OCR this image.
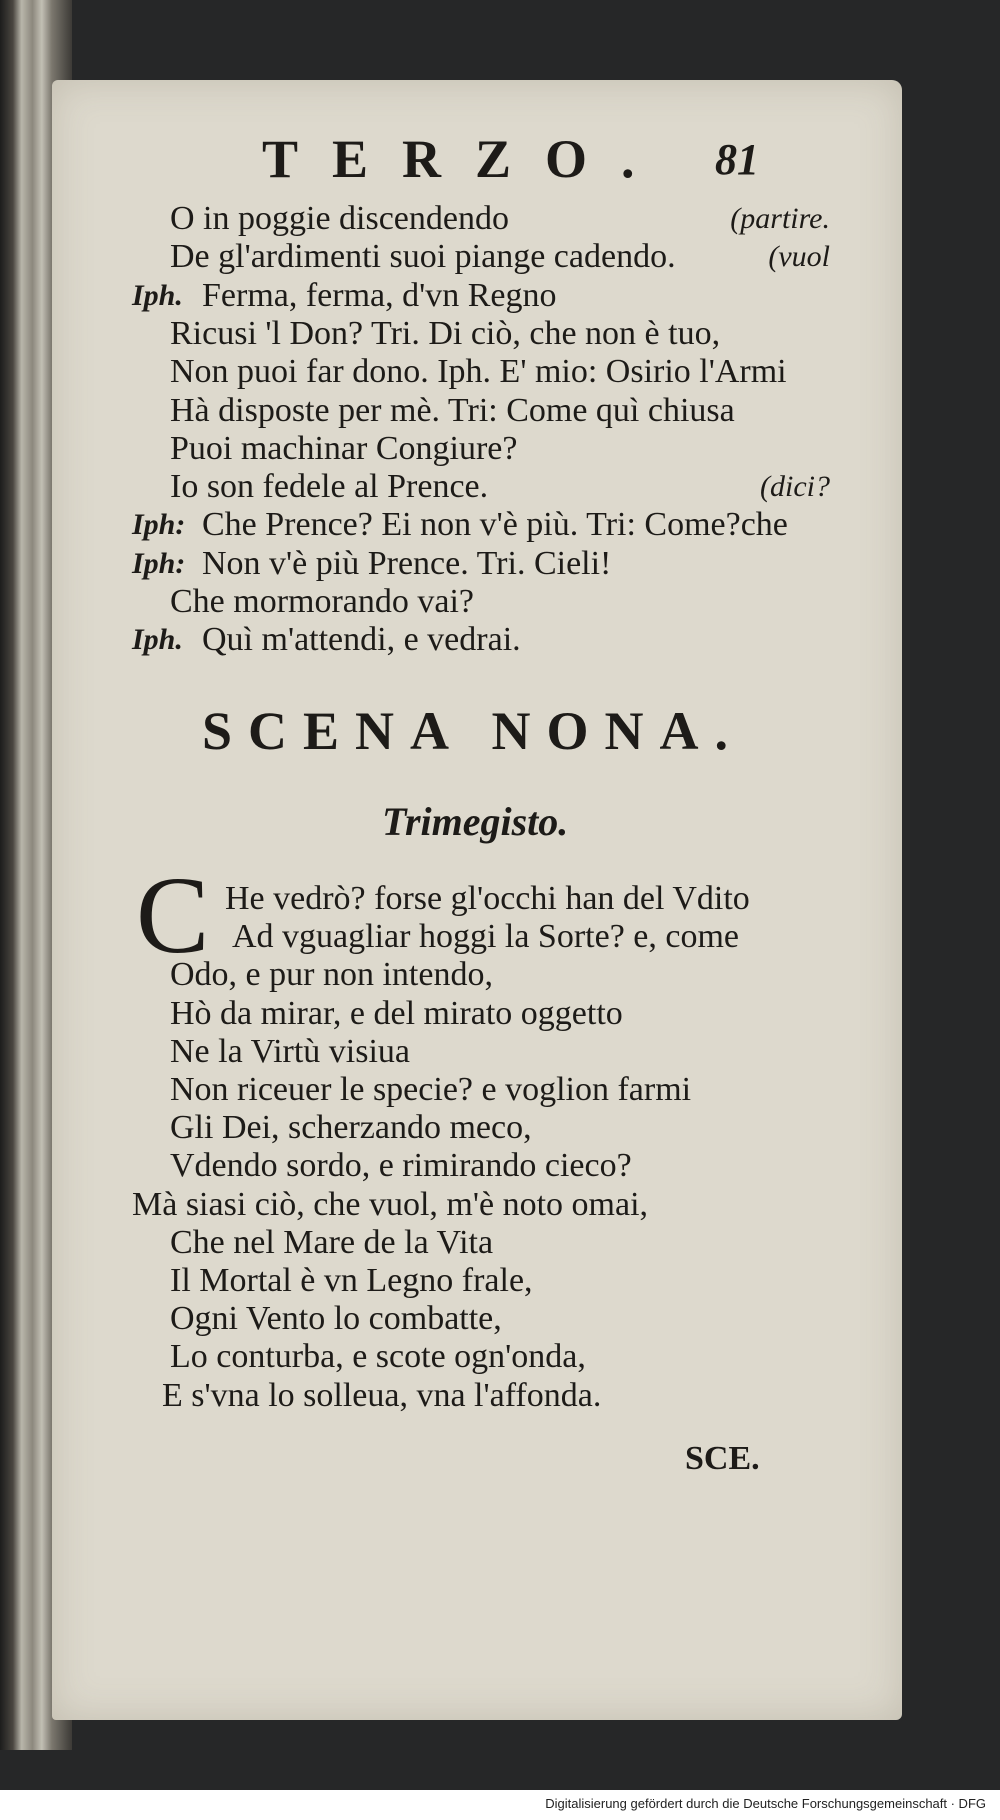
TERZO. 81
O in poggie discendendo	(partire.
De gl'ardimenti suoi piange cadendo.	(vuol
Iph. Ferma, ferma, d'vn Regno
Ricusi 'l Don? Tri. Di ciò, che non è tuo,
Non puoi far dono. Iph. E' mio: Osirio l'Armi
Hà disposte per mè. Tri: Come quì chiusa
Puoi machinar Congiure?
Io son fedele al Prence.	(dici?
Iph: Che Prence? Ei non v'è più. Tri: Come?che
Iph: Non v'è più Prence. Tri. Cieli!
Che mormorando vai?
Iph. Quì m'attendi, e vedrai.
SCENA NONA.
Trimegisto.
C He vedrò? forse gl'occhi han del Vdito
Ad vguagliar hoggi la Sorte? e, come
Odo, e pur non intendo,
Hò da mirar, e del mirato oggetto
Ne la Virtù visiua
Non riceuer le specie? e voglion farmi
Gli Dei, scherzando meco,
Vdendo sordo, e rimirando cieco?
Mà siasi ciò, che vuol, m'è noto omai,
Che nel Mare de la Vita
Il Mortal è vn Legno frale,
Ogni Vento lo combatte,
Lo conturba, e scote ogn'onda,
E s'vna lo solleua, vna l'affonda.
SCE.
Digitalisierung gefördert durch die Deutsche Forschungsgemeinschaft · DFG
